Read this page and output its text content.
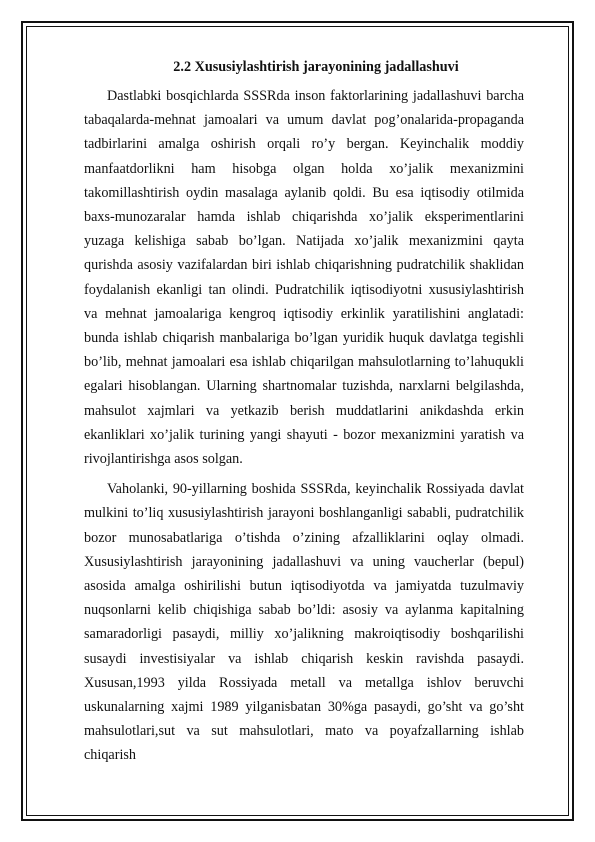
2.2 Xususiylashtirish jarayonining jadallashuvi

Dastlabki bosqichlarda SSSRda inson faktorlarining jadallashuvi barcha tabaqalarda-mehnat jamoalari va umum davlat pog’onalarida-propaganda tadbirlarini amalga oshirish orqali ro’y bergan. Keyinchalik moddiy manfaatdorlikni ham hisobga olgan holda xo’jalik mexanizmini takomillashtirish oydin masalaga aylanib qoldi. Bu esa iqtisodiy otilmida baxs-munozaralar hamda ishlab chiqarishda xo’jalik eksperimentlarini yuzaga kelishiga sabab bo’lgan. Natijada xo’jalik mexanizmini qayta qurishda asosiy vazifalardan biri ishlab chiqarishning pudratchilik shaklidan foydalanish ekanligi tan olindi. Pudratchilik iqtisodiyotni xususiylashtirish va mehnat jamoalariga kengroq iqtisodiy erkinlik yaratilishini anglatadi: bunda ishlab chiqarish manbalariga bo’lgan yuridik huquk davlatga tegishli bo’lib, mehnat jamoalari esa ishlab chiqarilgan mahsulotlarning to’lahuqukli egalari hisoblangan. Ularning shartnomalar tuzishda, narxlarni belgilashda, mahsulot xajmlari va yetkazib berish muddatlarini anikdashda erkin ekanliklari xo’jalik turining yangi shayuti - bozor mexanizmini yaratish va rivojlantirishga asos solgan.

Vaholanki, 90-yillarning boshida SSSRda, keyinchalik Rossiyada davlat mulkini to’liq xususiylashtirish jarayoni boshlanganligi sababli, pudratchilik bozor munosabatlariga o’tishda o’zining afzalliklarini oqlay olmadi. Xususiylashtirish jarayonining jadallashuvi va uning vaucherlar (bepul) asosida amalga oshirilishi butun iqtisodiyotda va jamiyatda tuzulmaviy nuqsonlarni kelib chiqishiga sabab bo’ldi: asosiy va aylanma kapitalning samaradorligi pasaydi, milliy xo’jalikning makroiqtisodiy boshqarilishi susaydi investisiyalar va ishlab chiqarish keskin ravishda pasaydi. Xususan,1993 yilda Rossiyada metall va metallga ishlov beruvchi uskunalarning xajmi 1989 yilganisbatan 30%ga pasaydi, go’sht va go’sht mahsulotlari,sut va sut mahsulotlari, mato va poyafzallarning ishlab chiqarish
